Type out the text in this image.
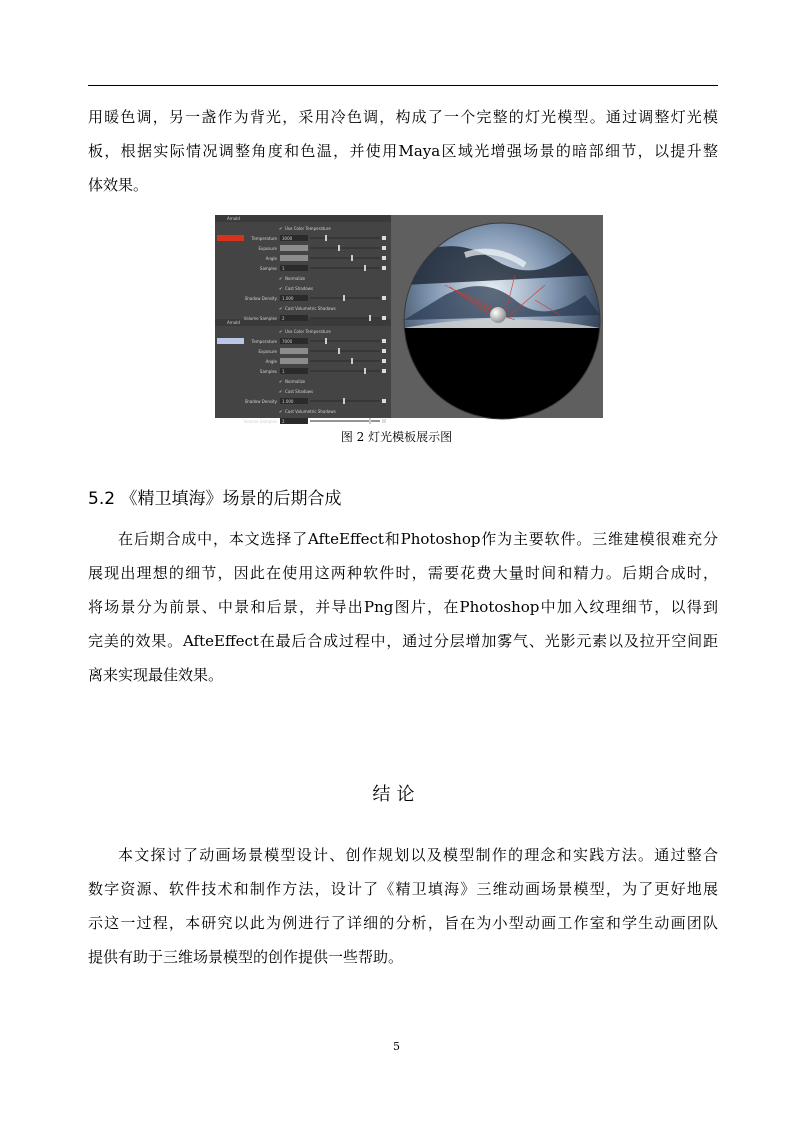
用暖色调，另一盏作为背光，采用冷色调，构成了一个完整的灯光模型。通过调整灯光模
板，根据实际情况调整角度和色温，并使用Maya区域光增强场景的暗部细节，以提升整
体效果。
Arnold
Arnold
✔ Use Color Temperature
Temperature 3000
Exposure
Angle
Samples 1
✔ Normalize
✔ Cast Shadows
Shadow Density 1.000
✔ Cast Volumetric Shadows
Volume Samples 2
✔ Use Color Temperature
Temperature 7000
Exposure
Angle
Samples 1
✔ Normalize
✔ Cast Shadows
Shadow Density 1.000
✔ Cast Volumetric Shadows
Volume Samples 2
图 2 灯光模板展示图
5.2 《精卫填海》场景的后期合成
在后期合成中，本文选择了AfteEffect和Photoshop作为主要软件。三维建模很难充分
展现出理想的细节，因此在使用这两种软件时，需要花费大量时间和精力。后期合成时，
将场景分为前景、中景和后景，并导出Png图片，在Photoshop中加入纹理细节，以得到
完美的效果。AfteEffect在最后合成过程中，通过分层增加雾气、光影元素以及拉开空间距
离来实现最佳效果。
结论
本文探讨了动画场景模型设计、创作规划以及模型制作的理念和实践方法。通过整合
数字资源、软件技术和制作方法，设计了《精卫填海》三维动画场景模型，为了更好地展
示这一过程，本研究以此为例进行了详细的分析，旨在为小型动画工作室和学生动画团队
提供有助于三维场景模型的创作提供一些帮助。
5
